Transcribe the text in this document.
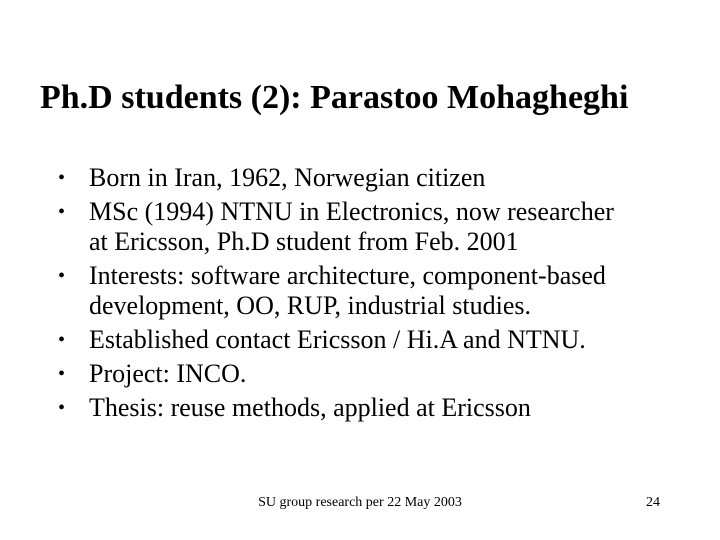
Ph.D students (2): Parastoo Mohagheghi
• Born in Iran, 1962, Norwegian citizen
• MSc (1994) NTNU in Electronics, now researcher
at Ericsson, Ph.D student from Feb. 2001
• Interests: software architecture, component-based
development, OO, RUP, industrial studies.
• Established contact Ericsson / Hi.A and NTNU.
• Project: INCO.
• Thesis: reuse methods, applied at Ericsson
SU group research per 22 May 2003	24
